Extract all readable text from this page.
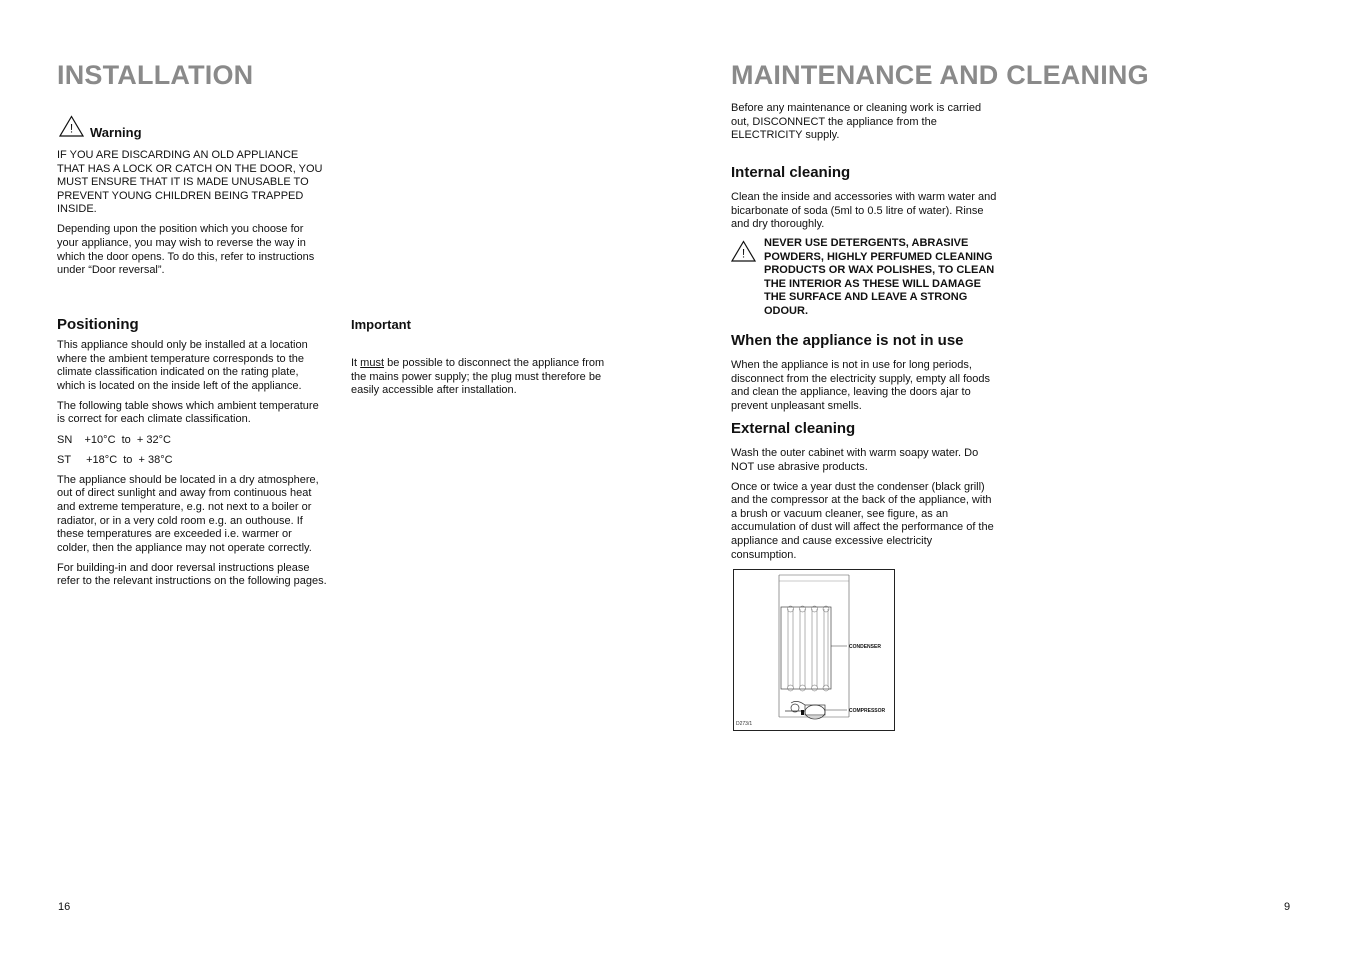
INSTALLATION
! Warning

IF YOU ARE DISCARDING AN OLD APPLIANCE THAT HAS A LOCK OR CATCH ON THE DOOR, YOU MUST ENSURE THAT IT IS MADE UNUSABLE TO PREVENT YOUNG CHILDREN BEING TRAPPED INSIDE.

Depending upon the position which you choose for your appliance, you may wish to reverse the way in which the door opens. To do this, refer to instructions under “Door reversal”.

Positioning

This appliance should only be installed at a location where the ambient temperature corresponds to the climate classification indicated on the rating plate, which is located on the inside left of the appliance.

The following table shows which ambient temperature is correct for each climate classification.

SN    +10°C  to  + 32°C

ST     +18°C  to  + 38°C

The appliance should be located in a dry atmosphere, out of direct sunlight and away from continuous heat and extreme temperature, e.g. not next to a boiler or radiator, or in a very cold room e.g. an outhouse. If these temperatures are exceeded i.e. warmer or colder, then the appliance may not operate correctly.

For building-in and door reversal instructions please refer to the relevant instructions on the following pages.

Important

It must be possible to disconnect the appliance from the mains power supply; the plug must therefore be easily accessible after installation.

16
MAINTENANCE AND CLEANING

Before any maintenance or cleaning work is carried out, DISCONNECT the appliance from the ELECTRICITY supply.

Internal cleaning

Clean the inside and accessories with warm water and bicarbonate of soda (5ml to 0.5 litre of water). Rinse and dry thoroughly.

!

NEVER USE DETERGENTS, ABRASIVE POWDERS, HIGHLY PERFUMED CLEANING PRODUCTS OR WAX POLISHES, TO CLEAN THE INTERIOR AS THESE WILL DAMAGE THE SURFACE AND LEAVE A STRONG ODOUR.

When the appliance is not in use

When the appliance is not in use for long periods, disconnect from the electricity supply, empty all foods and clean the appliance, leaving the doors ajar to prevent unpleasant smells.

External cleaning

Wash the outer cabinet with warm soapy water. Do NOT use abrasive products.

Once or twice a year dust the condenser (black grill) and the compressor at the back of the appliance, with a brush or vacuum cleaner, see figure, as an accumulation of dust will affect the performance of the appliance and cause excessive electricity consumption.

CONDENSER
COMPRESSOR
D273/1
9
